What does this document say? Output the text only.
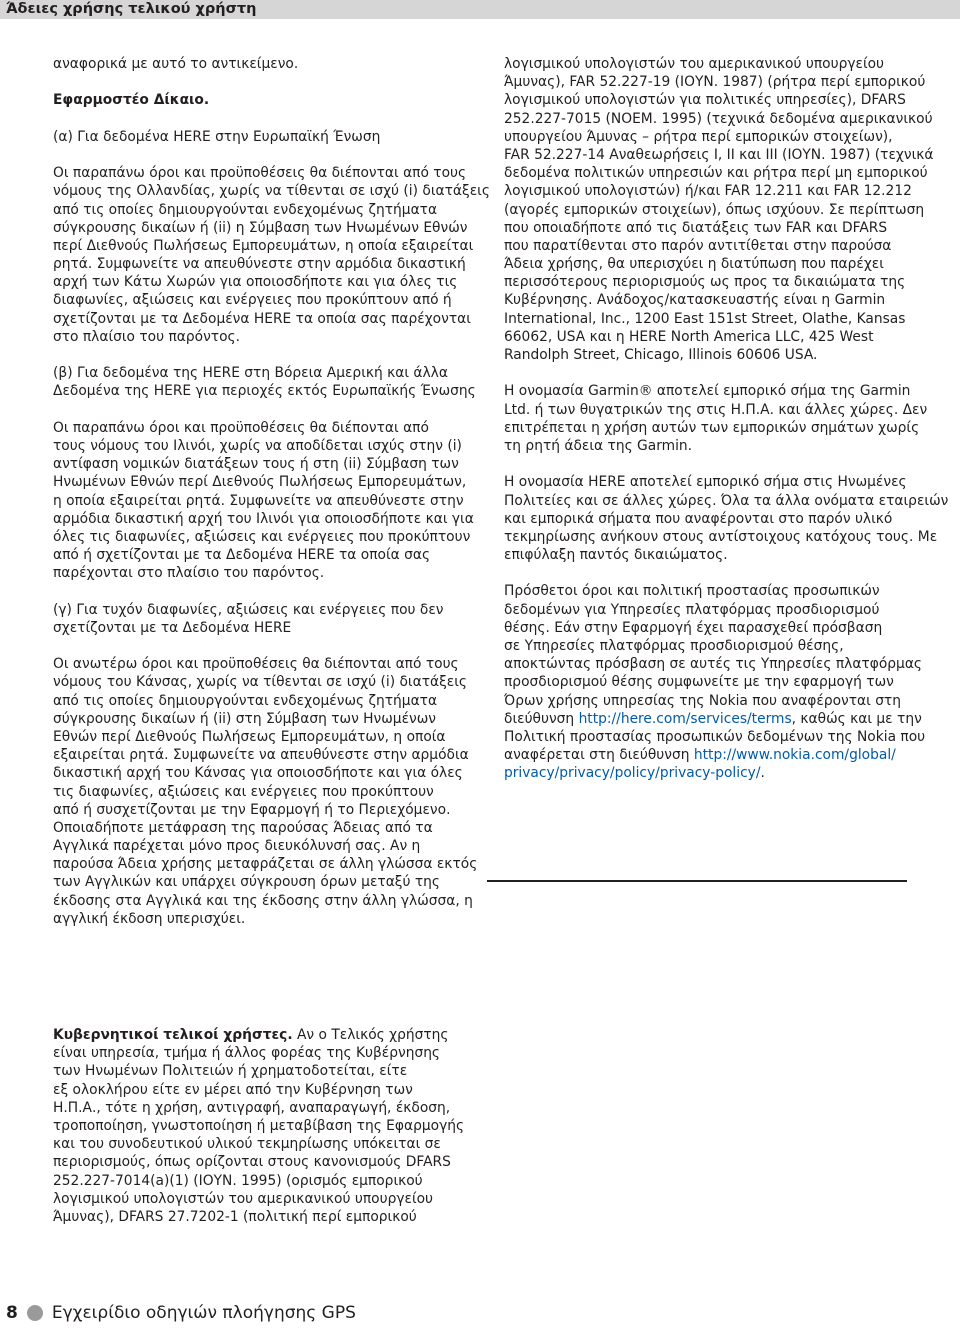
Άδειες χρήσης τελικού χρήστη
αναφορικά με αυτό το αντικείμενο.
Εφαρμοστέο Δίκαιο.
(α) Για δεδομένα HERE στην Ευρωπαϊκή Ένωση
Οι παραπάνω όροι και προϋποθέσεις θα διέπονται από τους
νόμους της Ολλανδίας, χωρίς να τίθενται σε ισχύ (i) διατάξεις
από τις οποίες δημιουργούνται ενδεχομένως ζητήματα
σύγκρουσης δικαίων ή (ii) η Σύμβαση των Ηνωμένων Εθνών
περί Διεθνούς Πωλήσεως Εμπορευμάτων, η οποία εξαιρείται
ρητά. Συμφωνείτε να απευθύνεστε στην αρμόδια δικαστική
αρχή των Κάτω Χωρών για οποιοσδήποτε και για όλες τις
διαφωνίες, αξιώσεις και ενέργειες που προκύπτουν από ή
σχετίζονται με τα Δεδομένα HERE τα οποία σας παρέχονται
στο πλαίσιο του παρόντος.
(β) Για δεδομένα της HERE στη Βόρεια Αμερική και άλλα
Δεδομένα της HERE για περιοχές εκτός Ευρωπαϊκής Ένωσης
Οι παραπάνω όροι και προϋποθέσεις θα διέπονται από
τους νόμους του Ιλινόι, χωρίς να αποδίδεται ισχύς στην (i)
αντίφαση νομικών διατάξεων τους ή στη (ii) Σύμβαση των
Ηνωμένων Εθνών περί Διεθνούς Πωλήσεως Εμπορευμάτων,
η οποία εξαιρείται ρητά. Συμφωνείτε να απευθύνεστε στην
αρμόδια δικαστική αρχή του Ιλινόι για οποιοσδήποτε και για
όλες τις διαφωνίες, αξιώσεις και ενέργειες που προκύπτουν
από ή σχετίζονται με τα Δεδομένα HERE τα οποία σας
παρέχονται στο πλαίσιο του παρόντος.
(γ) Για τυχόν διαφωνίες, αξιώσεις και ενέργειες που δεν
σχετίζονται με τα Δεδομένα HERE
Οι ανωτέρω όροι και προϋποθέσεις θα διέπονται από τους
νόμους του Κάνσας, χωρίς να τίθενται σε ισχύ (i) διατάξεις
από τις οποίες δημιουργούνται ενδεχομένως ζητήματα
σύγκρουσης δικαίων ή (ii) στη Σύμβαση των Ηνωμένων
Εθνών περί Διεθνούς Πωλήσεως Εμπορευμάτων, η οποία
εξαιρείται ρητά. Συμφωνείτε να απευθύνεστε στην αρμόδια
δικαστική αρχή του Κάνσας για οποιοσδήποτε και για όλες
τις διαφωνίες, αξιώσεις και ενέργειες που προκύπτουν
από ή συσχετίζονται με την Εφαρμογή ή το Περιεχόμενο.
Οποιαδήποτε μετάφραση της παρούσας Άδειας από τα
Αγγλικά παρέχεται μόνο προς διευκόλυνσή σας. Αν η
παρούσα Άδεια χρήσης μεταφράζεται σε άλλη γλώσσα εκτός
των Αγγλικών και υπάρχει σύγκρουση όρων μεταξύ της
έκδοσης στα Αγγλικά και της έκδοσης στην άλλη γλώσσα, η
αγγλική έκδοση υπερισχύει.
Κυβερνητικοί τελικοί χρήστες. Αν ο Τελικός χρήστης
είναι υπηρεσία, τμήμα ή άλλος φορέας της Κυβέρνησης
των Ηνωμένων Πολιτειών ή χρηματοδοτείται, είτε
εξ ολοκλήρου είτε εν μέρει από την Κυβέρνηση των
Η.Π.Α., τότε η χρήση, αντιγραφή, αναπαραγωγή, έκδοση,
τροποποίηση, γνωστοποίηση ή μεταβίβαση της Εφαρμογής
και του συνοδευτικού υλικού τεκμηρίωσης υπόκειται σε
περιορισμούς, όπως ορίζονται στους κανονισμούς DFARS
252.227-7014(a)(1) (ΙΟΥΝ. 1995) (ορισμός εμπορικού
λογισμικού υπολογιστών του αμερικανικού υπουργείου
Άμυνας), DFARS 27.7202-1 (πολιτική περί εμπορικού
λογισμικού υπολογιστών του αμερικανικού υπουργείου
Άμυνας), FAR 52.227-19 (ΙΟΥΝ. 1987) (ρήτρα περί εμπορικού
λογισμικού υπολογιστών για πολιτικές υπηρεσίες), DFARS
252.227-7015 (ΝΟΕΜ. 1995) (τεχνικά δεδομένα αμερικανικού
υπουργείου Άμυνας – ρήτρα περί εμπορικών στοιχείων),
FAR 52.227-14 Αναθεωρήσεις I, II και III (ΙΟΥΝ. 1987) (τεχνικά
δεδομένα πολιτικών υπηρεσιών και ρήτρα περί μη εμπορικού
λογισμικού υπολογιστών) ή/και FAR 12.211 και FAR 12.212
(αγορές εμπορικών στοιχείων), όπως ισχύουν. Σε περίπτωση
που οποιαδήποτε από τις διατάξεις των FAR και DFARS
που παρατίθενται στο παρόν αντιτίθεται στην παρούσα
Άδεια χρήσης, θα υπερισχύει η διατύπωση που παρέχει
περισσότερους περιορισμούς ως προς τα δικαιώματα της
Κυβέρνησης. Ανάδοχος/κατασκευαστής είναι η Garmin
International, Inc., 1200 East 151st Street, Olathe, Kansas
66062, USA και η HERE North America LLC, 425 West
Randolph Street, Chicago, Illinois 60606 USA.
Η ονομασία Garmin® αποτελεί εμπορικό σήμα της Garmin
Ltd. ή των θυγατρικών της στις Η.Π.Α. και άλλες χώρες. Δεν
επιτρέπεται η χρήση αυτών των εμπορικών σημάτων χωρίς
τη ρητή άδεια της Garmin.
Η ονομασία HERE αποτελεί εμπορικό σήμα στις Ηνωμένες
Πολιτείες και σε άλλες χώρες. Όλα τα άλλα ονόματα εταιρειών
και εμπορικά σήματα που αναφέρονται στο παρόν υλικό
τεκμηρίωσης ανήκουν στους αντίστοιχους κατόχους τους. Με
επιφύλαξη παντός δικαιώματος.
Πρόσθετοι όροι και πολιτική προστασίας προσωπικών
δεδομένων για Υπηρεσίες πλατφόρμας προσδιορισμού
θέσης. Εάν στην Εφαρμογή έχει παρασχεθεί πρόσβαση
σε Υπηρεσίες πλατφόρμας προσδιορισμού θέσης,
αποκτώντας πρόσβαση σε αυτές τις Υπηρεσίες πλατφόρμας
προσδιορισμού θέσης συμφωνείτε με την εφαρμογή των
Όρων χρήσης υπηρεσίας της Nokia που αναφέρονται στη
διεύθυνση http://here.com/services/terms, καθώς και με την
Πολιτική προστασίας προσωπικών δεδομένων της Nokia που
αναφέρεται στη διεύθυνση http://www.nokia.com/global/
privacy/privacy/policy/privacy-policy/.
8 Εγχειρίδιο οδηγιών πλοήγησης GPS
